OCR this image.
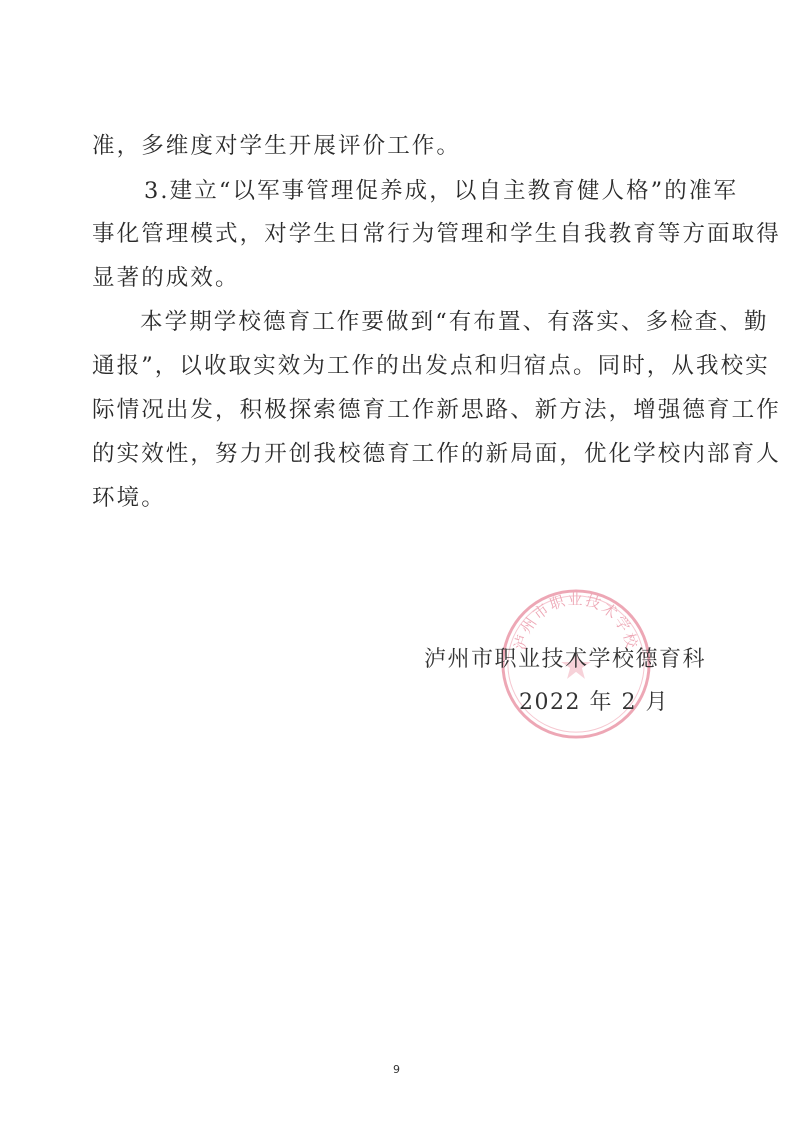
准，多维度对学生开展评价工作。
3.建立“以军事管理促养成，以自主教育健人格”的准军
事化管理模式，对学生日常行为管理和学生自我教育等方面取得
显著的成效。
本学期学校德育工作要做到“有布置、有落实、多检查、勤
通报”，以收取实效为工作的出发点和归宿点。同时，从我校实
际情况出发，积极探索德育工作新思路、新方法，增强德育工作
的实效性，努力开创我校德育工作的新局面，优化学校内部育人
环境。
泸州市职业技术学校
泸州市职业技术学校德育科
2022 年 2 月
9
